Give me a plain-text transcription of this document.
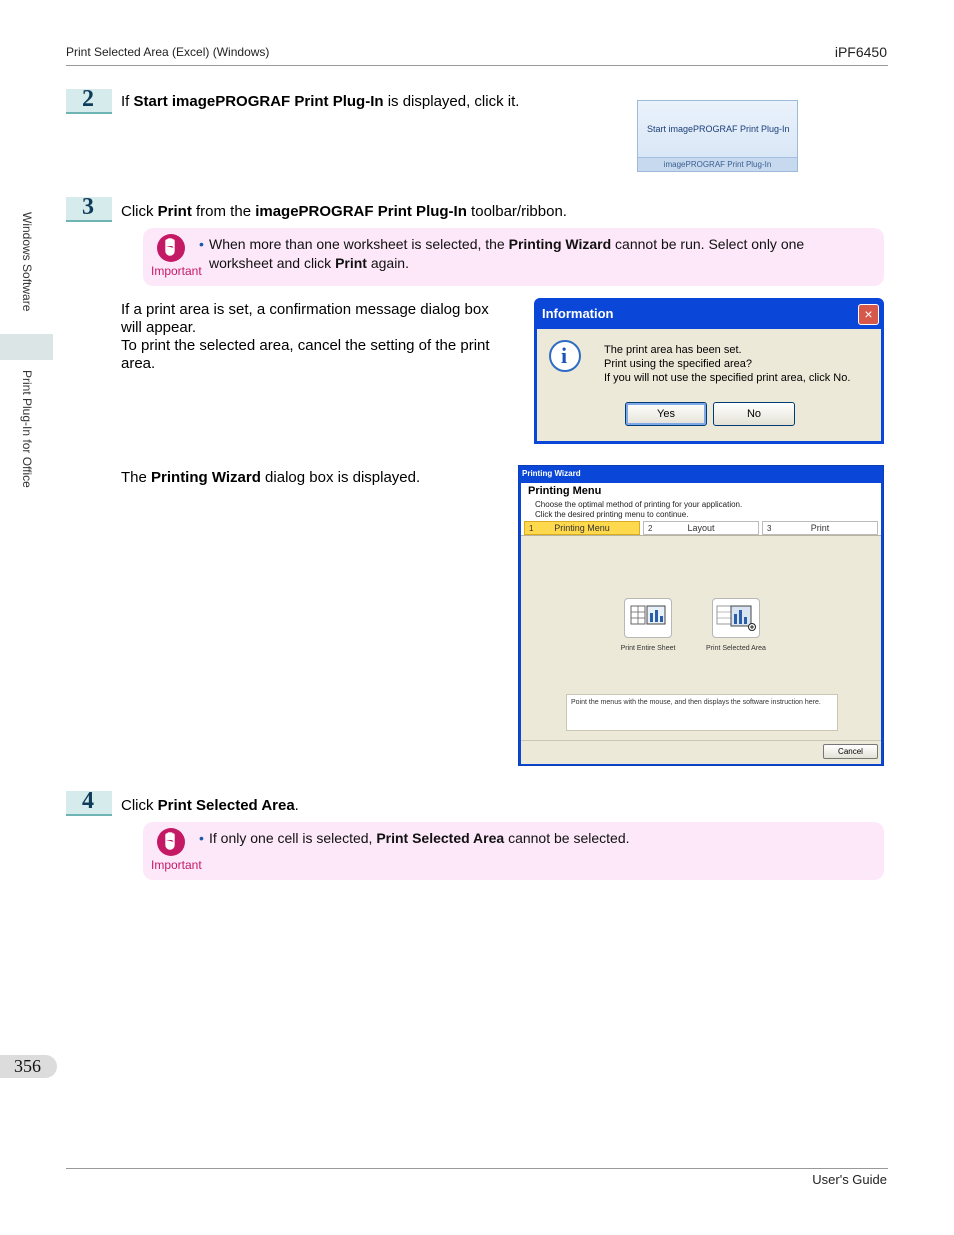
Print Selected Area (Excel) (Windows)	iPF6450
Windows Software
Print Plug-In for Office
2 If Start imagePROGRAF Print Plug-In is displayed, click it.
Start imagePROGRAF Print Plug-In
imagePROGRAF Print Plug-In
3 Click Print from the imagePROGRAF Print Plug-In toolbar/ribbon.
Important
• When more than one worksheet is selected, the Printing Wizard cannot be run. Select only one worksheet and click Print again.
If a print area is set, a confirmation message dialog box
will appear.
To print the selected area, cancel the setting of the print
area.
Information	×
i	The print area has been set.
Print using the specified area?
If you will not use the specified print area, click No.
Yes	No
The Printing Wizard dialog box is displayed.	Printing Wizard
Printing Menu
Choose the optimal method of printing for your application.
Click the desired printing menu to continue.
1	Printing Menu	2	Layout	3	Print
Print Entire Sheet	Print Selected Area
Point the menus with the mouse, and then displays the software instruction here.
Cancel
4 Click Print Selected Area.
Important
• If only one cell is selected, Print Selected Area cannot be selected.
356
User's Guide
